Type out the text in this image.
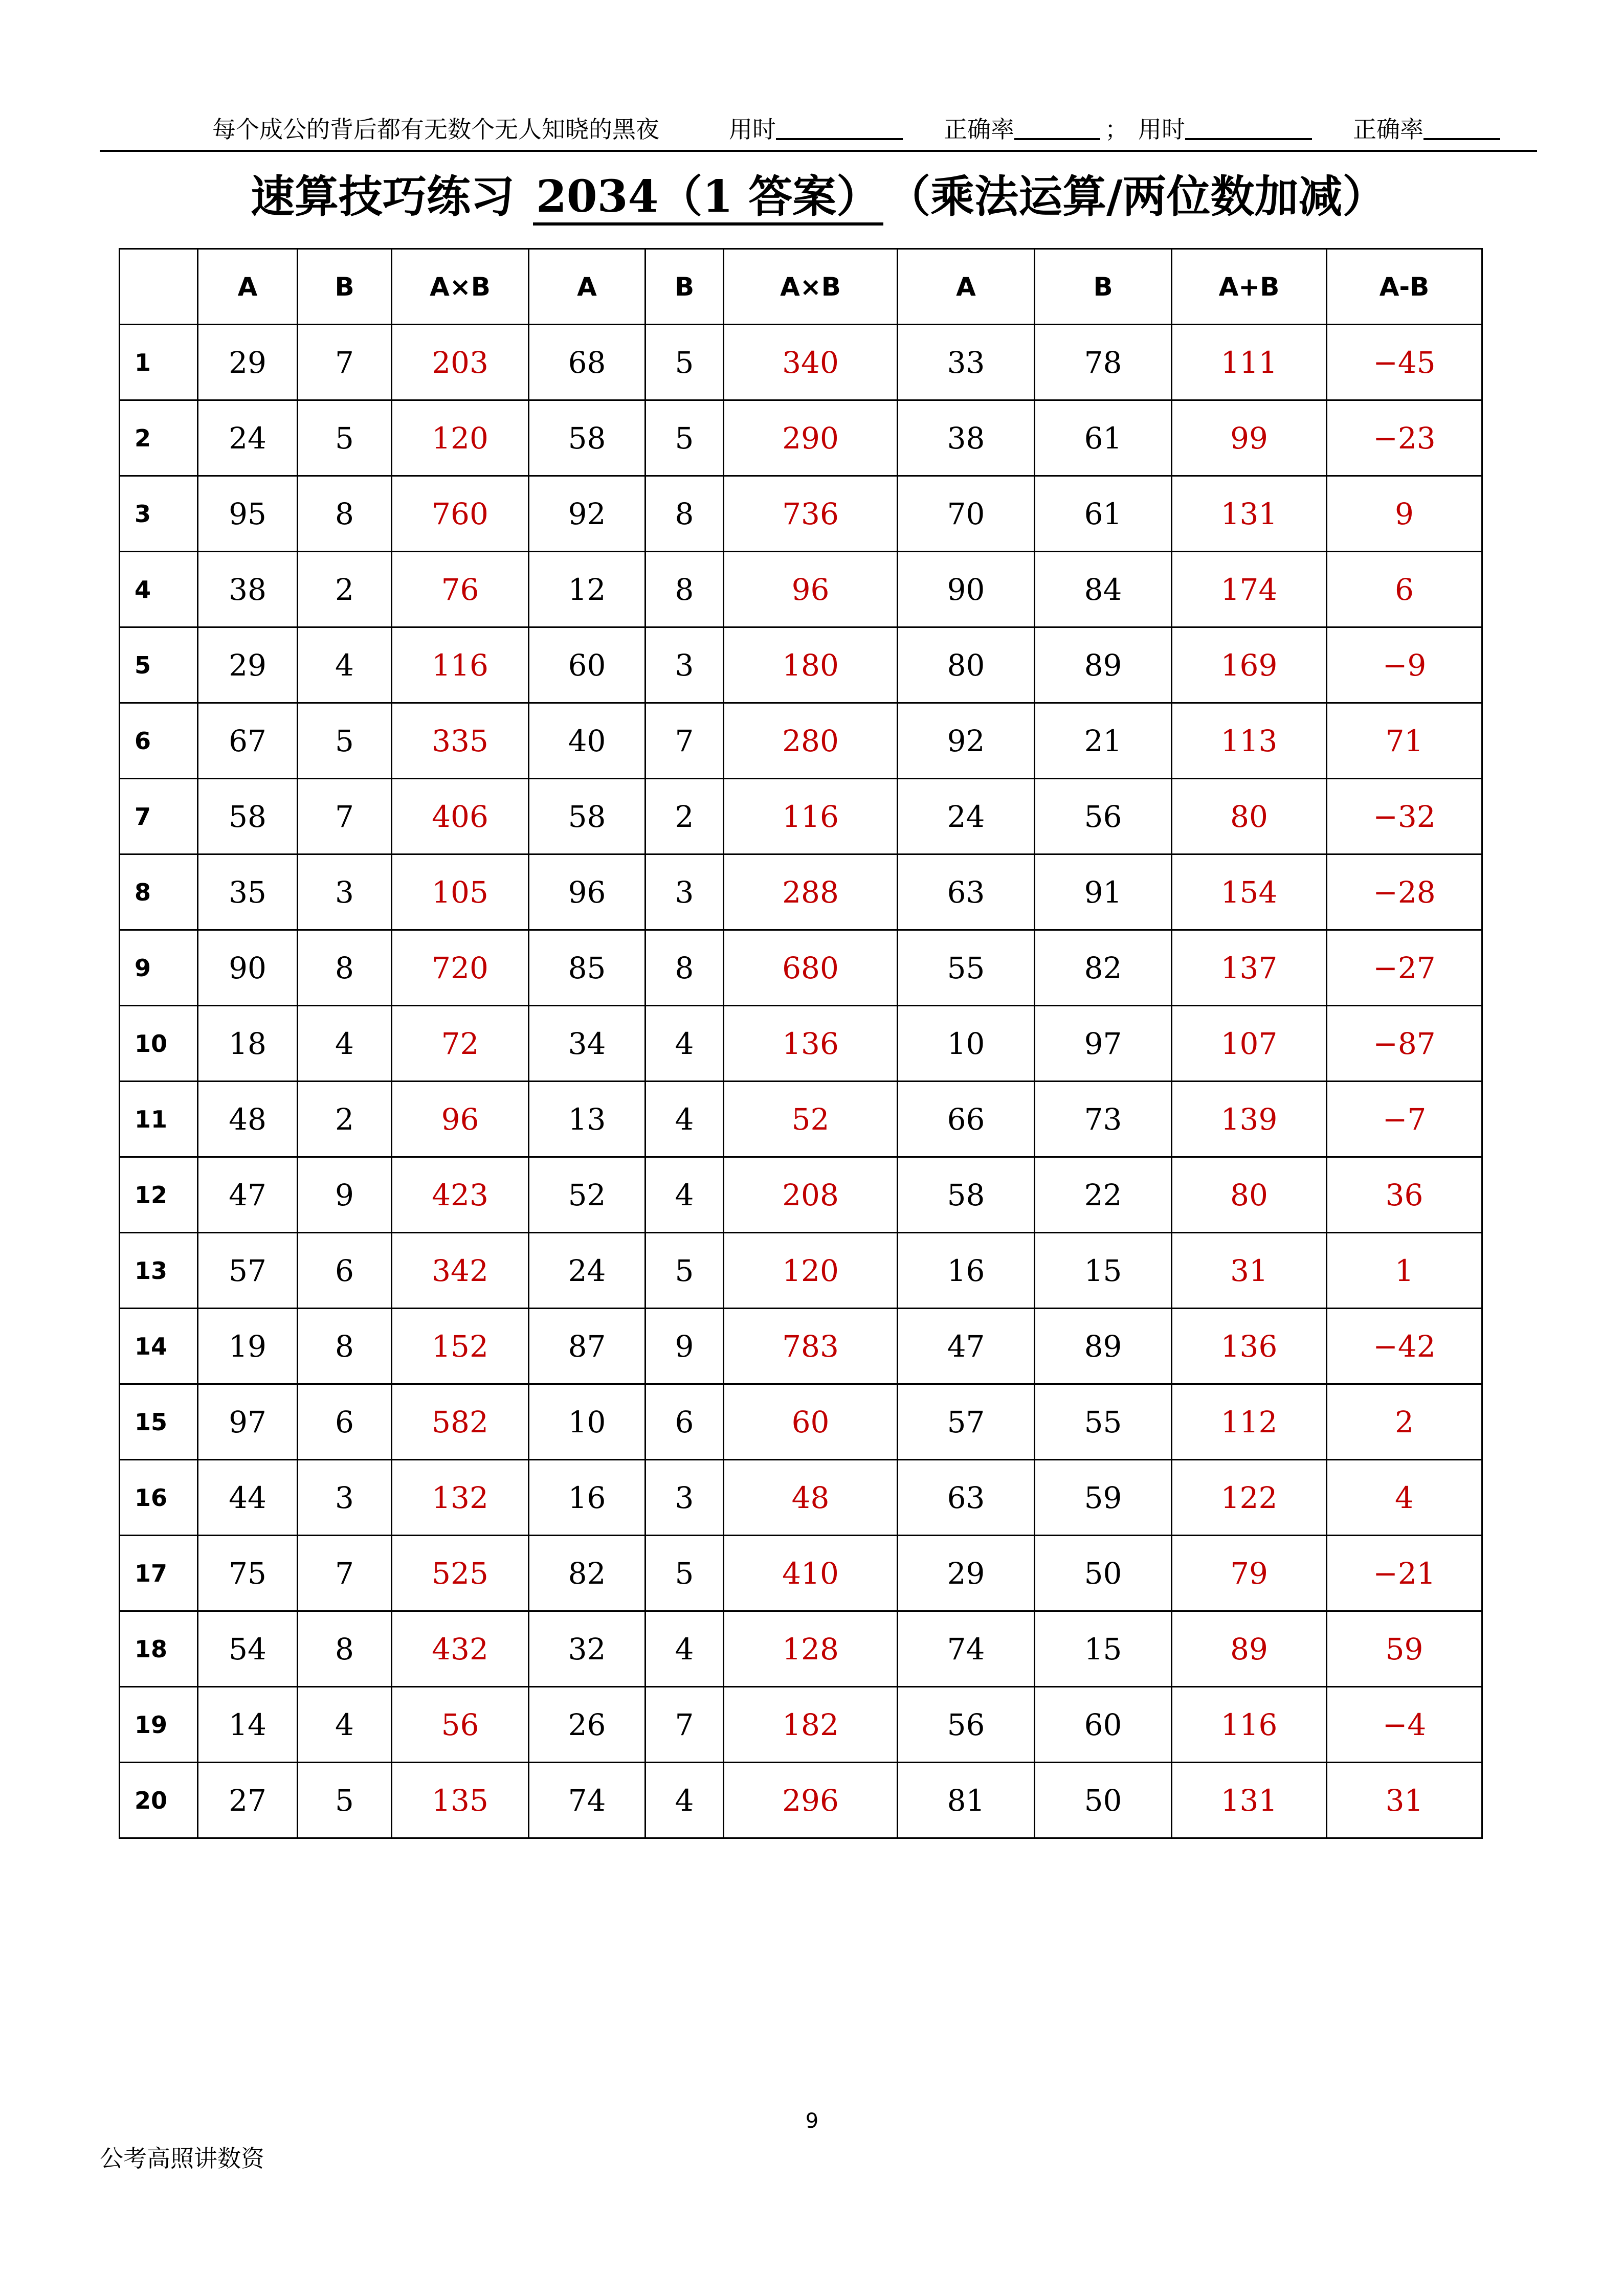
每个成公的背后都有无数个无人知晓的黑夜	用时	正确率	； 用时	正确率
速算技巧练习 2034（1 答案） （乘法运算/两位数加减）
	A	B	A×B	A	B	A×B	A	B	A+B	A-B
1	29	7	203	68	5	340	33	78	111	−45
2	24	5	120	58	5	290	38	61	99	−23
3	95	8	760	92	8	736	70	61	131	9
4	38	2	76	12	8	96	90	84	174	6
5	29	4	116	60	3	180	80	89	169	−9
6	67	5	335	40	7	280	92	21	113	71
7	58	7	406	58	2	116	24	56	80	−32
8	35	3	105	96	3	288	63	91	154	−28
9	90	8	720	85	8	680	55	82	137	−27
10	18	4	72	34	4	136	10	97	107	−87
11	48	2	96	13	4	52	66	73	139	−7
12	47	9	423	52	4	208	58	22	80	36
13	57	6	342	24	5	120	16	15	31	1
14	19	8	152	87	9	783	47	89	136	−42
15	97	6	582	10	6	60	57	55	112	2
16	44	3	132	16	3	48	63	59	122	4
17	75	7	525	82	5	410	29	50	79	−21
18	54	8	432	32	4	128	74	15	89	59
19	14	4	56	26	7	182	56	60	116	−4
20	27	5	135	74	4	296	81	50	131	31
9
公考高照讲数资
